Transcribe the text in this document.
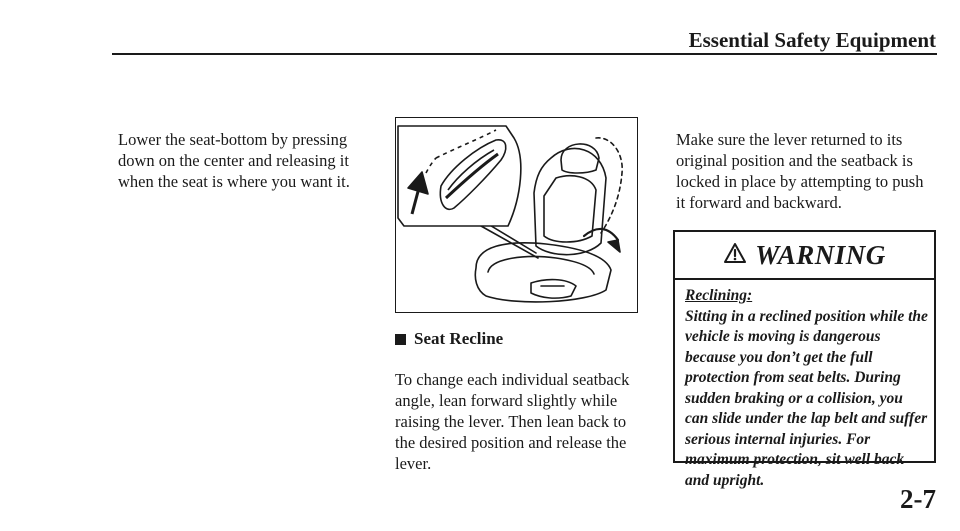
Essential Safety Equipment
Lower the seat-bottom by pressing down on the center and releasing it when the seat is where you want it.
Seat Recline
To change each individual seatback angle, lean forward slightly while raising the lever. Then lean back to the desired position and release the lever.
Make sure the lever returned to its original position and the seatback is locked in place by attempting to push it forward and backward.
WARNING
Reclining:
Sitting in a reclined position while the vehicle is moving is dangerous because you don’t get the full protection from seat belts. During sudden braking or a collision, you can slide under the lap belt and suffer serious internal injuries. For maximum protection, sit well back and upright.
2-7
